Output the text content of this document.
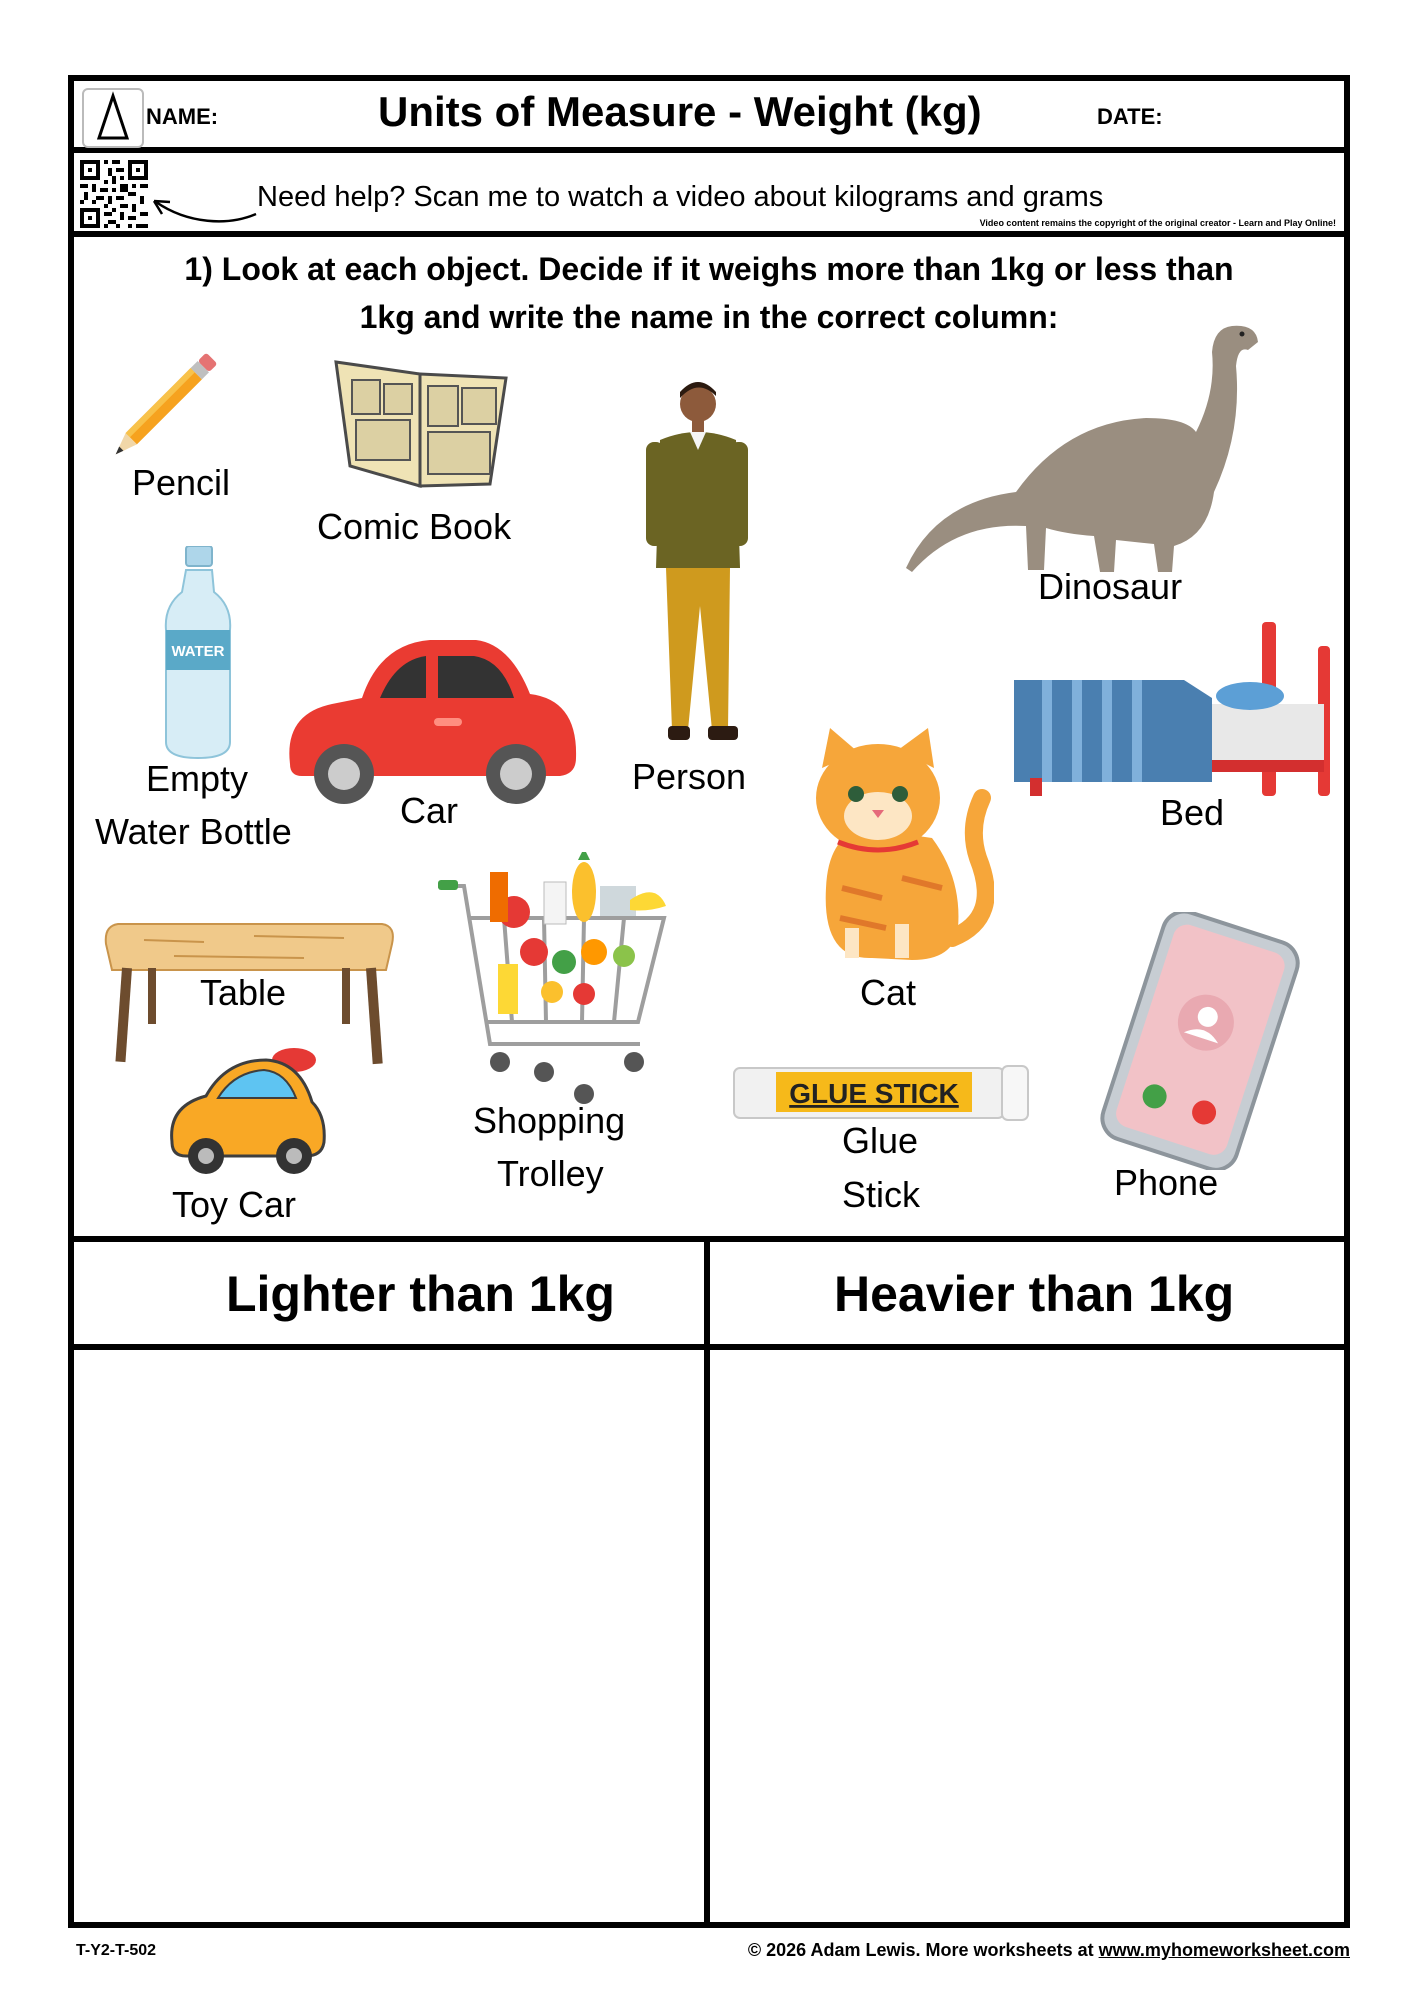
NAME:	Units of Measure - Weight (kg)	DATE:
Need help? Scan me to watch a video about kilograms and grams
Video content remains the copyright of the original creator - Learn and Play Online!
1) Look at each object. Decide if it weighs more than 1kg or less than
1kg and write the name in the correct column:
Pencil
Comic Book
Person
Dinosaur
WATER
Empty
Water Bottle
Car	Bed
Table
Shopping
Trolley
Cat
Phone
Toy Car
GLUE STICK
Glue
Stick
Lighter than 1kg	Heavier than 1kg
T-Y2-T-502	© 2026 Adam Lewis. More worksheets at www.myhomeworksheet.com
